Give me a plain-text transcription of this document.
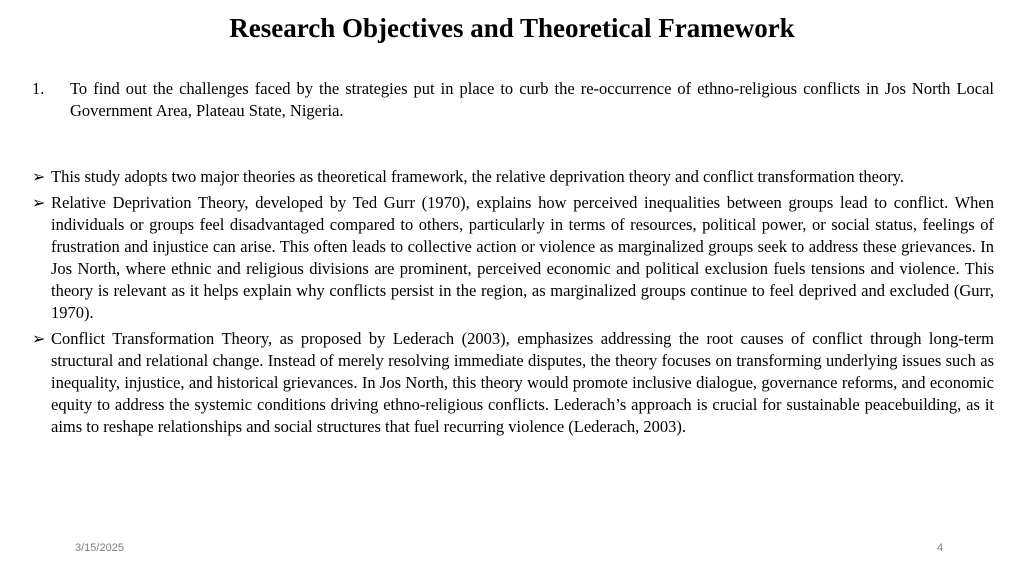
Research Objectives and Theoretical Framework
1. To find out the challenges faced by the strategies put in place to curb the re-occurrence of ethno-religious conflicts in Jos North Local Government Area, Plateau State, Nigeria.
➢ This study adopts two major theories as theoretical framework, the relative deprivation theory and conflict transformation theory.
➢ Relative Deprivation Theory, developed by Ted Gurr (1970), explains how perceived inequalities between groups lead to conflict. When individuals or groups feel disadvantaged compared to others, particularly in terms of resources, political power, or social status, feelings of frustration and injustice can arise. This often leads to collective action or violence as marginalized groups seek to address these grievances. In Jos North, where ethnic and religious divisions are prominent, perceived economic and political exclusion fuels tensions and violence. This theory is relevant as it helps explain why conflicts persist in the region, as marginalized groups continue to feel deprived and excluded (Gurr, 1970).
➢ Conflict Transformation Theory, as proposed by Lederach (2003), emphasizes addressing the root causes of conflict through long-term structural and relational change. Instead of merely resolving immediate disputes, the theory focuses on transforming underlying issues such as inequality, injustice, and historical grievances. In Jos North, this theory would promote inclusive dialogue, governance reforms, and economic equity to address the systemic conditions driving ethno-religious conflicts. Lederach’s approach is crucial for sustainable peacebuilding, as it aims to reshape relationships and social structures that fuel recurring violence (Lederach, 2003).
3/15/2025	4
